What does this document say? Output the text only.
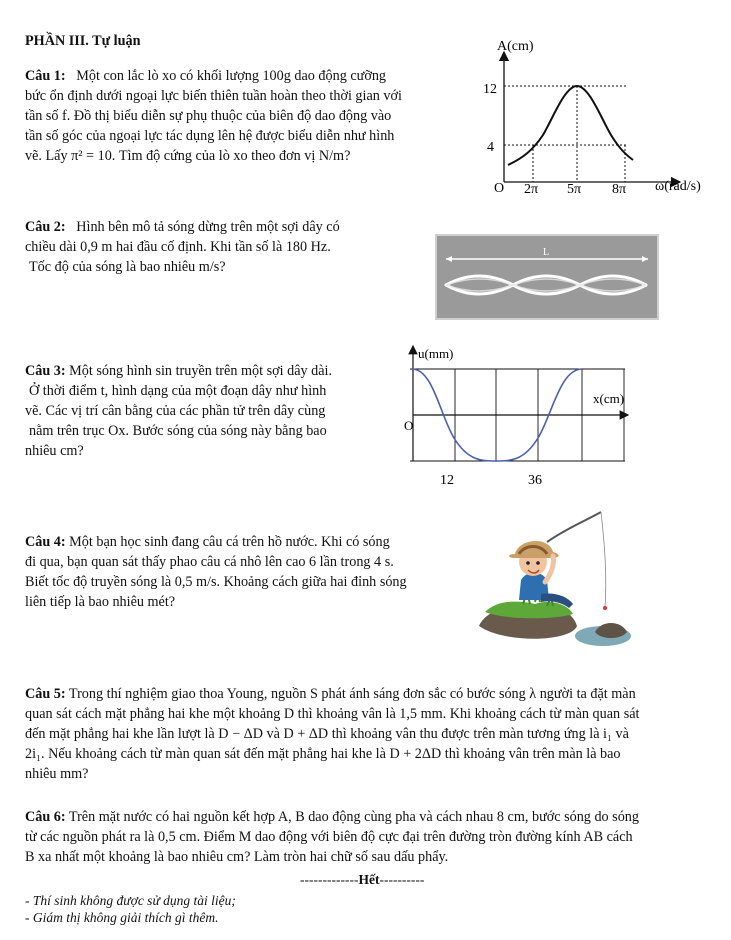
PHẦN III. Tự luận
Câu 1: Một con lắc lò xo có khối lượng 100g dao động cưỡng
bức ổn định dưới ngoại lực biến thiên tuần hoàn theo thời gian với
tần số f. Đồ thị biểu diễn sự phụ thuộc của biên độ dao động vào
tần số góc của ngoại lực tác dụng lên hệ được biểu diễn như hình
vẽ. Lấy π² = 10. Tìm độ cứng của lò xo theo đơn vị N/m?
A(cm)
ω(rad/s)
O
12
4
2π 5π 8π
Câu 2: Hình bên mô tả sóng dừng trên một sợi dây có
chiều dài 0,9 m hai đầu cố định. Khi tần số là 180 Hz.
Tốc độ của sóng là bao nhiêu m/s?
L
Câu 3: Một sóng hình sin truyền trên một sợi dây dài.
Ở thời điểm t, hình dạng của một đoạn dây như hình
vẽ. Các vị trí cân bằng của các phần tử trên dây cùng
nằm trên trục Ox. Bước sóng của sóng này bằng bao
nhiêu cm?
u(mm)
x(cm)
O
12	36
Câu 4: Một bạn học sinh đang câu cá trên hồ nước. Khi có sóng
đi qua, bạn quan sát thấy phao câu cá nhô lên cao 6 lần trong 4 s.
Biết tốc độ truyền sóng là 0,5 m/s. Khoảng cách giữa hai đỉnh sóng
liên tiếp là bao nhiêu mét?
Câu 5: Trong thí nghiệm giao thoa Young, nguồn S phát ánh sáng đơn sắc có bước sóng λ người ta đặt màn
quan sát cách mặt phẳng hai khe một khoảng D thì khoảng vân là 1,5 mm. Khi khoảng cách từ màn quan sát
đến mặt phẳng hai khe lần lượt là D − ΔD và D + ΔD thì khoảng vân thu được trên màn tương ứng là i₁ và
2i₁. Nếu khoảng cách từ màn quan sát đến mặt phẳng hai khe là D + 2ΔD thì khoảng vân trên màn là bao
nhiêu mm?
Câu 6: Trên mặt nước có hai nguồn kết hợp A, B dao động cùng pha và cách nhau 8 cm, bước sóng do sóng
từ các nguồn phát ra là 0,5 cm. Điểm M dao động với biên độ cực đại trên đường tròn đường kính AB cách
B xa nhất một khoảng là bao nhiêu cm? Làm tròn hai chữ số sau dấu phẩy.
-------------Hết----------
- Thí sinh không được sử dụng tài liệu;
- Giám thị không giải thích gì thêm.
